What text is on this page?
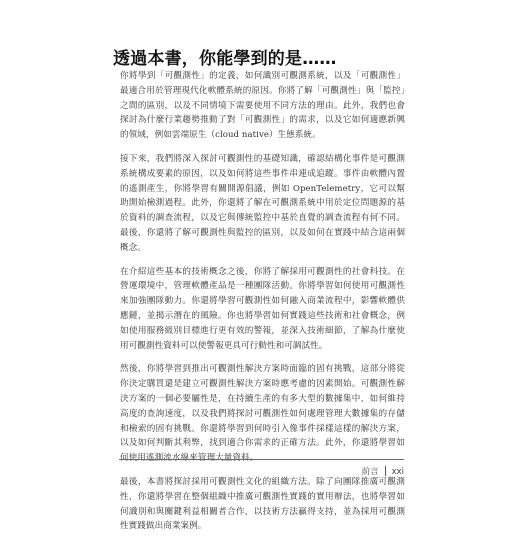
透過本書，你能學到的是……

你將學到「可觀測性」的定義，如何識別可觀測系統，以及「可觀測性」最適合用於管理現代化軟體系統的原因。你將了解「可觀測性」與「監控」之間的區別，以及不同情境下需要使用不同方法的理由。此外，我們也會探討為什麼行業趨勢推動了對「可觀測性」的需求，以及它如何適應新興的領域，例如雲端原生（cloud native）生態系統。

接下來，我們將深入探討可觀測性的基礎知識，確認結構化事件是可觀測系統構成要素的原因，以及如何將這些事件串連成追蹤。事件由軟體內置的遙測產生，你將學習有關開源倡議，例如 OpenTelemetry，它可以幫助開始檢測過程。此外，你還將了解在可觀測系統中用於定位問題源的基於資料的調查流程，以及它與傳統監控中基於直覺的調查流程有何不同。最後，你還將了解可觀測性與監控的區別，以及如何在實踐中結合這兩個概念。

在介紹這些基本的技術概念之後，你將了解採用可觀測性的社會科技。在營運環境中，管理軟體產品是一種團隊活動。你將學習如何使用可觀測性來加強團隊動力。你還將學習可觀測性如何融入商業流程中，影響軟體供應鏈，並揭示潛在的風險。你也將學習如何實踐這些技術和社會概念，例如使用服務級別目標進行更有效的警報，並深入技術細節，了解為什麼使用可觀測性資料可以使警報更具可行動性和可調試性。

然後，你將學習到推出可觀測性解決方案時面臨的固有挑戰，這部分將從你決定購買還是建立可觀測性解決方案時應考慮的因素開始。可觀測性解決方案的一個必要屬性是，在持續生產的有多大型的數據集中，如何維持高度的查詢速度，以及我們將探討可觀測性如何處理管理大數據集的存儲和檢索的固有挑戰。你還將學習到何時引入像事件採樣這樣的解決方案，以及如何判斷其利弊，找到適合你需求的正確方法。此外，你還將學習如何使用遙測流水線來管理大量資料。

最後，本書將探討採用可觀測性文化的組織方法。除了向團隊推廣可觀測性，你還將學習在整個組織中推廣可觀測性實踐的實用辦法，也將學習如何識別和與關鍵利益相關者合作，以技術方法贏得支持，並為採用可觀測性實踐做出商業案例。

前言 xxi
